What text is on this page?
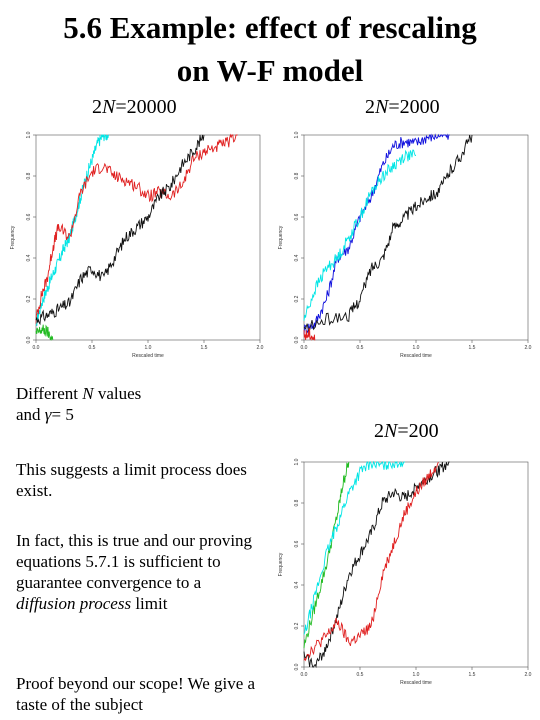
5.6 Example: effect of rescaling
on W-F model
2N=20000	2N=2000
2N=200
0.0	0.5	1.0	1.5	2.0
0.0
0.2
0.4
0.6
0.8
1.0
Rescaled time
Frequency
0.0	0.5	1.0	1.5	2.0
0.0
0.2
0.4
0.6
0.8
1.0
Rescaled time
Frequency
0.0	0.5	1.0	1.5	2.0
0.0
0.2
0.4
0.6
0.8
1.0
Rescaled time
Frequency

Different N values

and γ= 5

This suggests a limit process does exist.

In fact, this is true and our proving equations 5.7.1 is sufficient to guarantee convergence to a diffusion process limit

Proof beyond our scope! We give a taste of the subject
